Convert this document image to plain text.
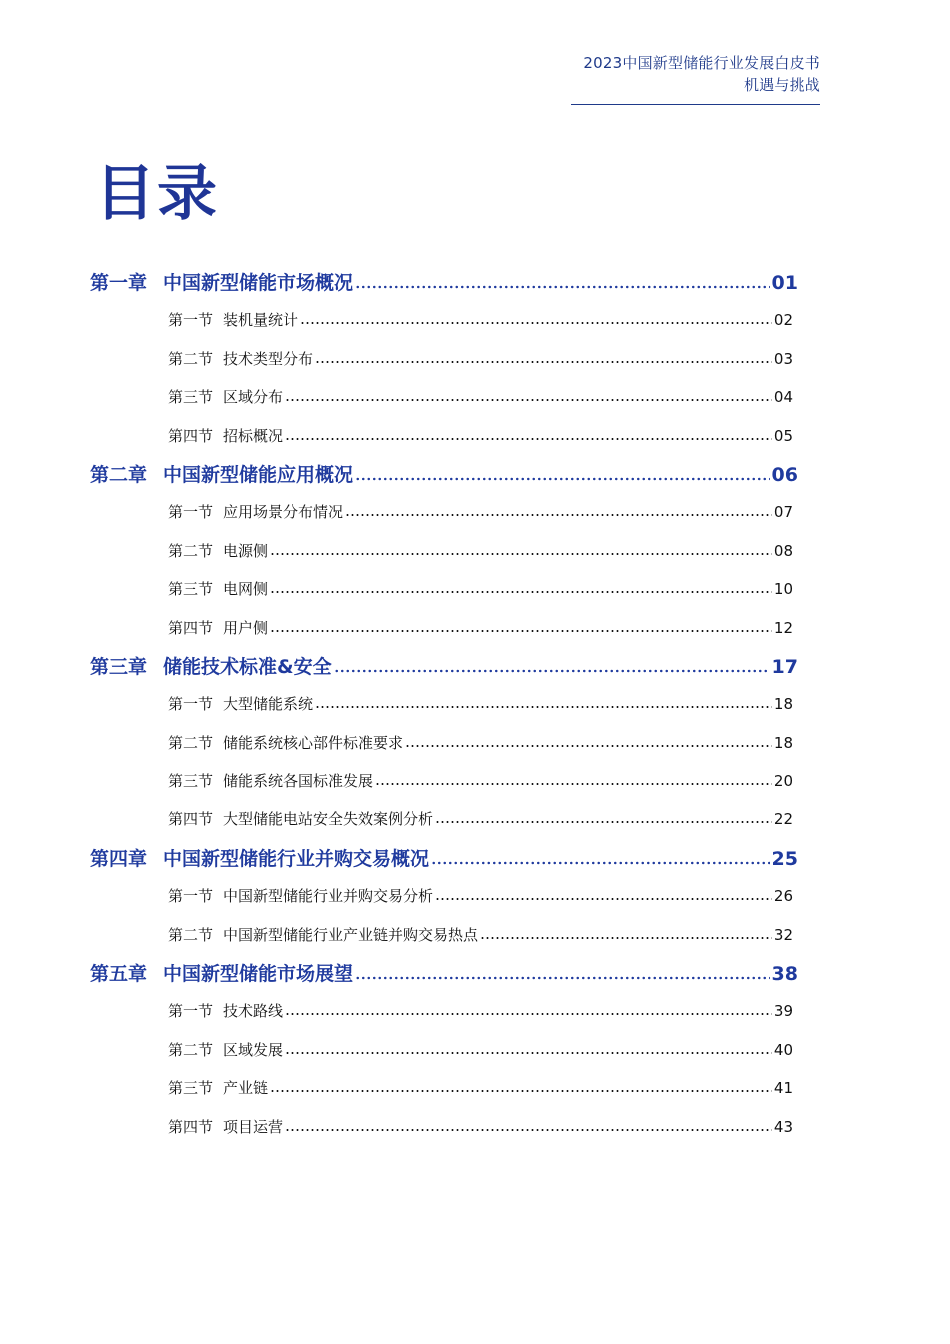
2023中国新型储能行业发展白皮书
机遇与挑战
目录
第一章 中国新型储能市场概况	01
第一节 装机量统计	02
第二节 技术类型分布	03
第三节 区域分布	04
第四节 招标概况	05
第二章 中国新型储能应用概况	06
第一节 应用场景分布情况	07
第二节 电源侧	08
第三节 电网侧	10
第四节 用户侧	12
第三章 储能技术标准&安全	17
第一节 大型储能系统	18
第二节 储能系统核心部件标准要求	18
第三节 储能系统各国标准发展	20
第四节 大型储能电站安全失效案例分析	22
第四章 中国新型储能行业并购交易概况	25
第一节 中国新型储能行业并购交易分析	26
第二节 中国新型储能行业产业链并购交易热点	32
第五章 中国新型储能市场展望	38
第一节 技术路线	39
第二节 区域发展	40
第三节 产业链	41
第四节 项目运营	43
